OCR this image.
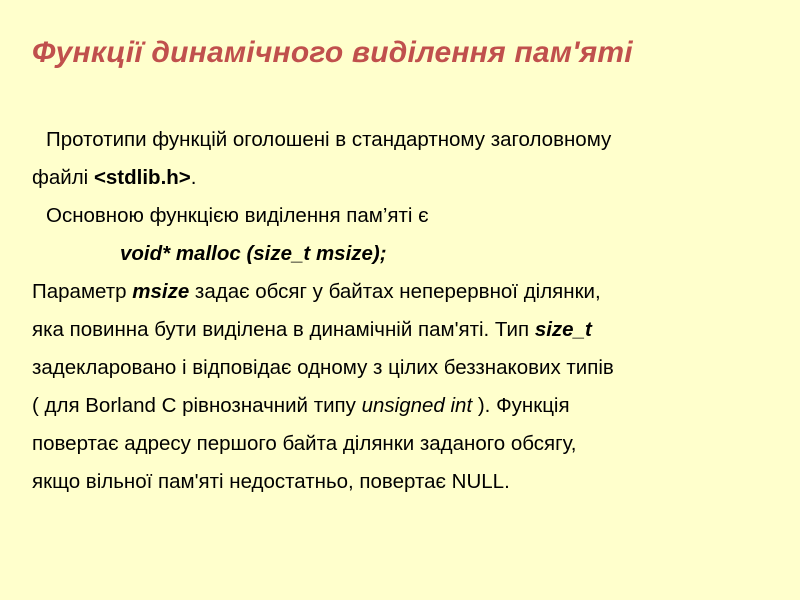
Функції динамічного виділення пам'яті
Прототипи функцій оголошені в стандартному заголовному
файлі <stdlib.h>.
Основною функцією виділення пам’яті є
void* malloc (size_t msize);
Параметр msize задає обсяг у байтах неперервної ділянки,
яка повинна бути виділена в динамічній пам'яті. Тип size_t
задекларовано і відповідає одному з цілих беззнакових типів
( для Borland C рівнозначний типу unsigned int ). Функція
повертає адресу першого байта ділянки заданого обсягу,
якщо вільної пам'яті недостатньо, повертає NULL.
